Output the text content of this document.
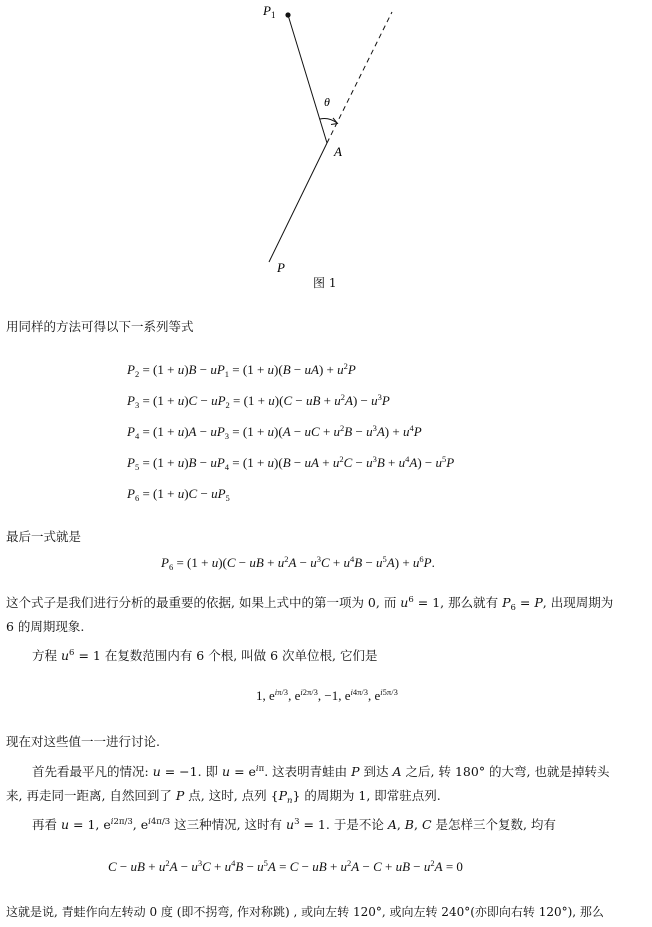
$P_1$
θ
A
P
图 1
用同样的方法可得以下一系列等式
$P_2 = (1 + u)B - uP_1 = (1 + u)(B - uA) + u^2P$
$P_3 = (1 + u)C - uP_2 = (1 + u)(C$ − uB + $u^2A) - u^3P$
$P_4 = (1 + u)A - uP_3 = (1 + u)(A$ − uC + $u^2B - u^3A) + u^4P$
$P_5 = (1 + u)B - uP_4 = (1 + u)(B$ − uA + $u^2C - u^3B + u^4A) - u^5P$
$P_6 = (1 + u)C - uP_5$
最后一式就是
$P_6 = (1 + u)(C$ − uB + $u^2A - u^3C + u^4B - u^5A) + u^6P$.
这个式子是我们进行分析的最重要的依据, 如果上式中的第一项为 0, 而 $u^6 = 1$, 那么就有 $P_6 = P$, 出现周期为
6 的周期现象.
方程 $u^6 = 1$ 在复数范围内有 6 个根, 叫做 6 次单位根, 它们是
1, $e^{i\pi/3}$, $e^{i2\pi/3}$, −1, $e^{i4\pi/3}$, $e^{i5\pi/3}$
现在对这些值一一进行讨论.
首先看最平凡的情况: u = −1. 即 $u = e^{i\pi}$. 这表明青蛙由 P 到达 A 之后, 转 180° 的大弯, 也就是掉转头
来, 再走同一距离, 自然回到了 P 点, 这时, 点列 $\{P_n\}$ 的周期为 1, 即常驻点列.
再看 u = 1, $e^{i2\pi/3}$, $e^{i4\pi/3}$ 这三种情况, 这时有 $u^3 = 1$. 于是不论 A, B, C 是怎样三个复数, 均有
C − uB + $u^2A - u^3C + u^4B - u^5A = C$ − uB + $u^2A - C$ + uB − $u^2A = 0$
这就是说, 青蛙作向左转动 0 度 (即不拐弯, 作对称跳) , 或向左转 120°, 或向左转 240°(亦即向右转 120°), 那么
